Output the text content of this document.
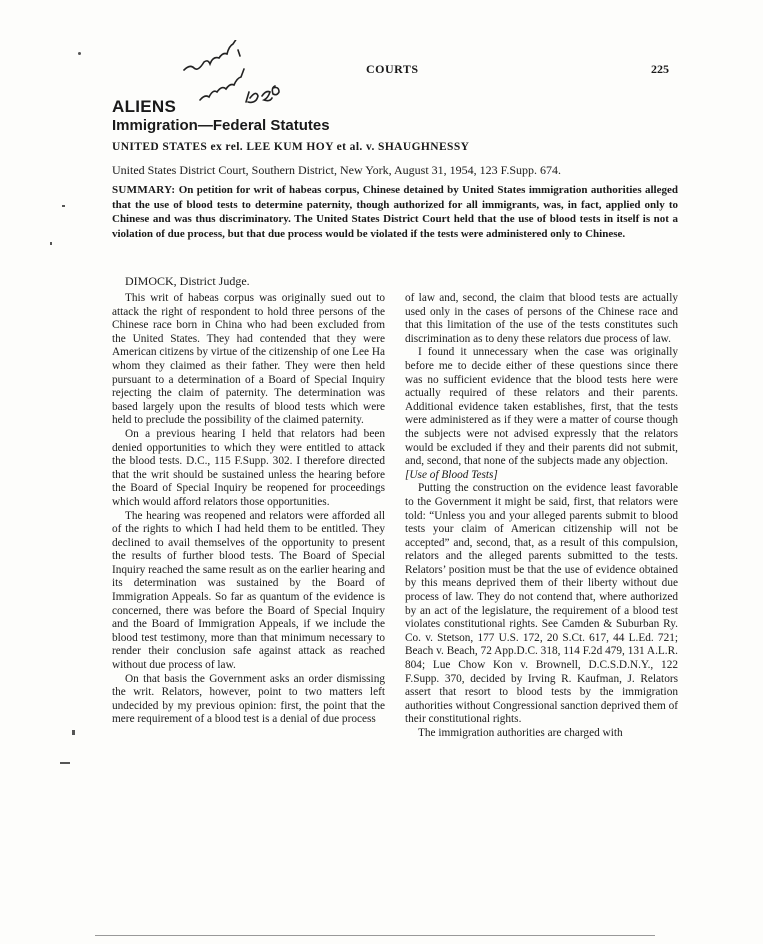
COURTS	225
ALIENS
Immigration—Federal Statutes
UNITED STATES ex rel. LEE KUM HOY et al. v. SHAUGHNESSY
United States District Court, Southern District, New York, August 31, 1954, 123 F.Supp. 674.
SUMMARY: On petition for writ of habeas corpus, Chinese detained by United States immigration authorities alleged that the use of blood tests to determine paternity, though authorized for all immigrants, was, in fact, applied only to Chinese and was thus discriminatory. The United States District Court held that the use of blood tests in itself is not a violation of due process, but that due process would be violated if the tests were administered only to Chinese.
DIMOCK, District Judge.

This writ of habeas corpus was originally sued out to attack the right of respondent to hold three persons of the Chinese race born in China who had been excluded from the United States. They had contended that they were American citizens by virtue of the citizenship of one Lee Ha whom they claimed as their father. They were then held pursuant to a determination of a Board of Special Inquiry rejecting the claim of paternity. The determination was based largely upon the results of blood tests which were held to preclude the possibility of the claimed paternity.

On a previous hearing I held that relators had been denied opportunities to which they were entitled to attack the blood tests. D.C., 115 F.Supp. 302. I therefore directed that the writ should be sustained unless the hearing before the Board of Special Inquiry be reopened for proceedings which would afford relators those opportunities.

The hearing was reopened and relators were afforded all of the rights to which I had held them to be entitled. They declined to avail themselves of the opportunity to present the results of further blood tests. The Board of Special Inquiry reached the same result as on the earlier hearing and its determination was sustained by the Board of Immigration Appeals. So far as quantum of the evidence is concerned, there was before the Board of Special Inquiry and the Board of Immigration Appeals, if we include the blood test testimony, more than that minimum necessary to render their conclusion safe against attack as reached without due process of law.

On that basis the Government asks an order dismissing the writ. Relators, however, point to two matters left undecided by my previous opinion: first, the point that the mere requirement of a blood test is a denial of due process

of law and, second, the claim that blood tests are actually used only in the cases of persons of the Chinese race and that this limitation of the use of the tests constitutes such discrimination as to deny these relators due process of law.

I found it unnecessary when the case was originally before me to decide either of these questions since there was no sufficient evidence that the blood tests here were actually required of these relators and their parents. Additional evidence taken establishes, first, that the tests were administered as if they were a matter of course though the subjects were not advised expressly that the relators would be excluded if they and their parents did not submit, and, second, that none of the subjects made any objection.

[Use of Blood Tests]

Putting the construction on the evidence least favorable to the Government it might be said, first, that relators were told: “Unless you and your alleged parents submit to blood tests your claim of American citizenship will not be accepted” and, second, that, as a result of this compulsion, relators and the alleged parents submitted to the tests. Relators’ position must be that the use of evidence obtained by this means deprived them of their liberty without due process of law. They do not contend that, where authorized by an act of the legislature, the requirement of a blood test violates constitutional rights. See Camden & Suburban Ry. Co. v. Stetson, 177 U.S. 172, 20 S.Ct. 617, 44 L.Ed. 721; Beach v. Beach, 72 App.D.C. 318, 114 F.2d 479, 131 A.L.R. 804; Lue Chow Kon v. Brownell, D.C.S.D.N.Y., 122 F.Supp. 370, decided by Irving R. Kaufman, J. Relators assert that resort to blood tests by the immigration authorities without Congressional sanction deprived them of their constitutional rights.

The immigration authorities are charged with
